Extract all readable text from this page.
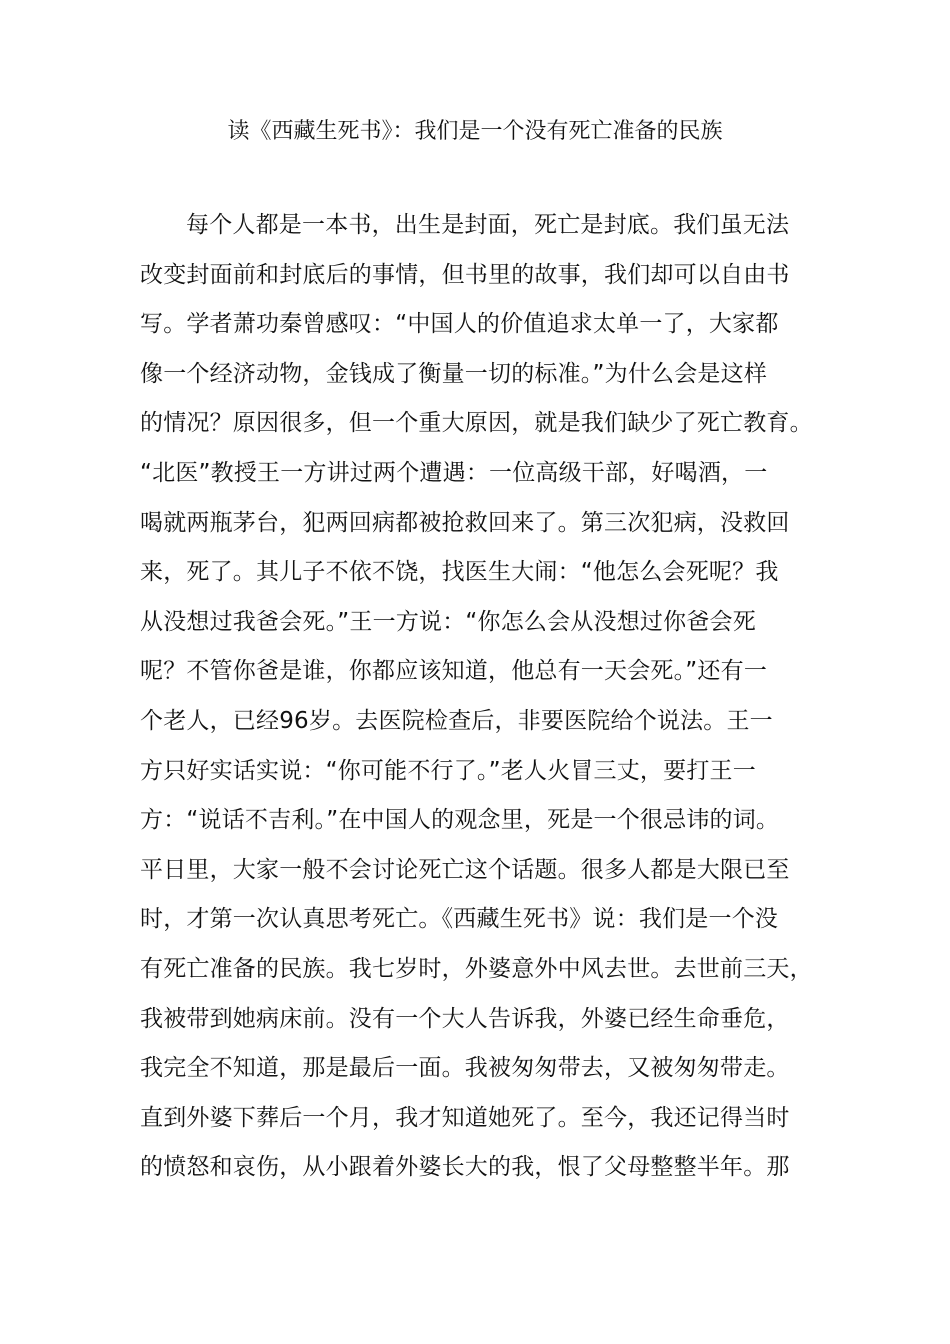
读《西藏生死书》：我们是一个没有死亡准备的民族
每个人都是一本书，出生是封面，死亡是封底。我们虽无法
改变封面前和封底后的事情，但书里的故事，我们却可以自由书
写。学者萧功秦曾感叹：“中国人的价值追求太单一了，大家都
像一个经济动物，金钱成了衡量一切的标准。”为什么会是这样
的情况？原因很多，但一个重大原因，就是我们缺少了死亡教育。
“北医”教授王一方讲过两个遭遇：一位高级干部，好喝酒，一
喝就两瓶茅台，犯两回病都被抢救回来了。第三次犯病，没救回
来，死了。其儿子不依不饶，找医生大闹：“他怎么会死呢？我
从没想过我爸会死。”王一方说：“你怎么会从没想过你爸会死
呢？不管你爸是谁，你都应该知道，他总有一天会死。”还有一
个老人，已经96岁。去医院检查后，非要医院给个说法。王一
方只好实话实说：“你可能不行了。”老人火冒三丈，要打王一
方：“说话不吉利。”在中国人的观念里，死是一个很忌讳的词。
平日里，大家一般不会讨论死亡这个话题。很多人都是大限已至
时，才第一次认真思考死亡。《西藏生死书》说：我们是一个没
有死亡准备的民族。我七岁时，外婆意外中风去世。去世前三天，
我被带到她病床前。没有一个大人告诉我，外婆已经生命垂危，
我完全不知道，那是最后一面。我被匆匆带去，又被匆匆带走。
直到外婆下葬后一个月，我才知道她死了。至今，我还记得当时
的愤怒和哀伤，从小跟着外婆长大的我，恨了父母整整半年。那
